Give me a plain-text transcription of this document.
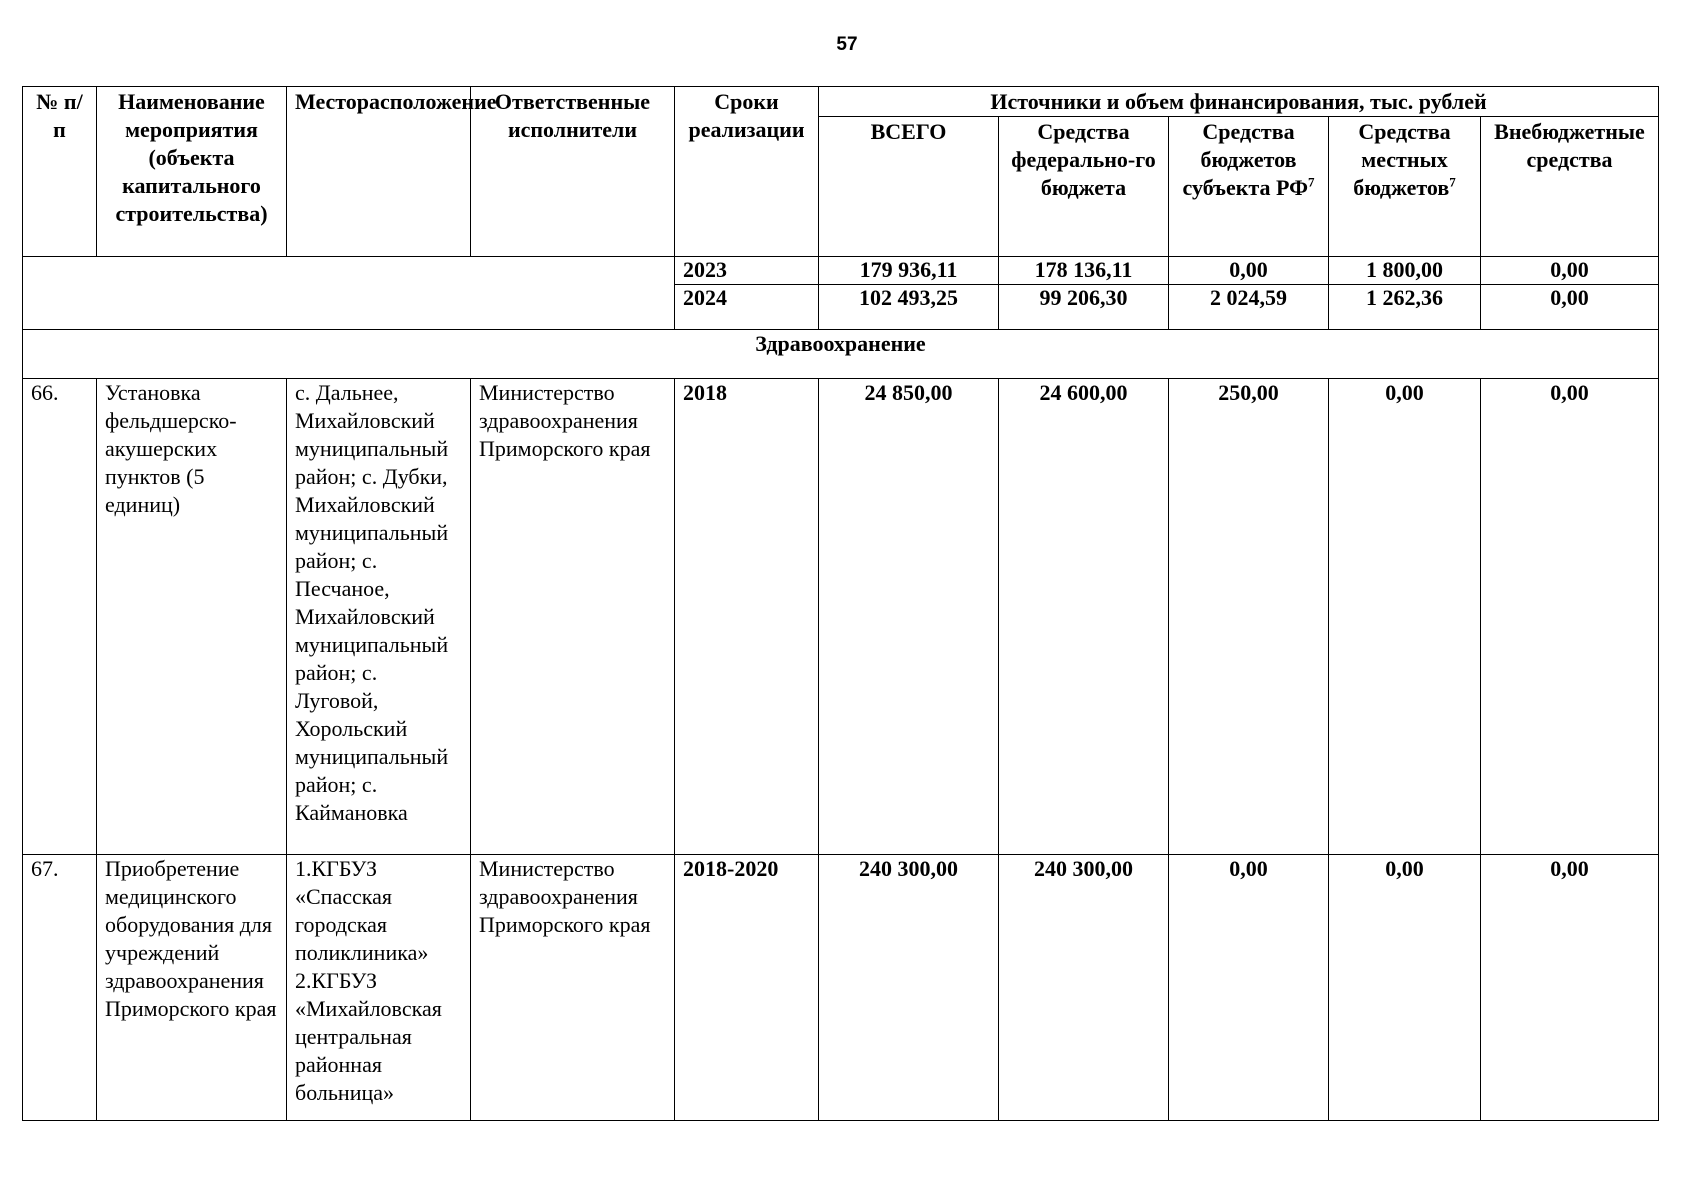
57
№ п/п	Наименование мероприятия (объекта капитального строительства)	Месторасположение	Ответственные исполнители	Сроки реализации	Источники и объем финансирования, тыс. рублей				
					ВСЕГО	Средства федерально-го бюджета	Средства бюджетов субъекта $РФ^7$	Средства местных бюджетов$^7$	Внебюджетные средства
				2023	179 936,11	178 136,11	0,00	1 800,00	0,00
				2024	102 493,25	99 206,30	2 024,59	1 262,36	0,00
Здравоохранение									
66.	Установка фельдшерско-акушерских пунктов (5 единиц)	с. Дальнее, Михайловский муниципальный район; с. Дубки, Михайловский муниципальный район; с. Песчаное, Михайловский муниципальный район; с. Луговой, Хорольский муниципальный район; с. Каймановка	Министерство здравоохранения Приморского края	2018	24 850,00	24 600,00	250,00	0,00	0,00
67.	Приобретение медицинского оборудования для учреждений здравоохранения Приморского края	1.КГБУЗ «Спасская городская поликлиника» 2.КГБУЗ «Михайловская центральная районная больница»	Министерство здравоохранения Приморского края	2018-2020	240 300,00	240 300,00	0,00	0,00	0,00
